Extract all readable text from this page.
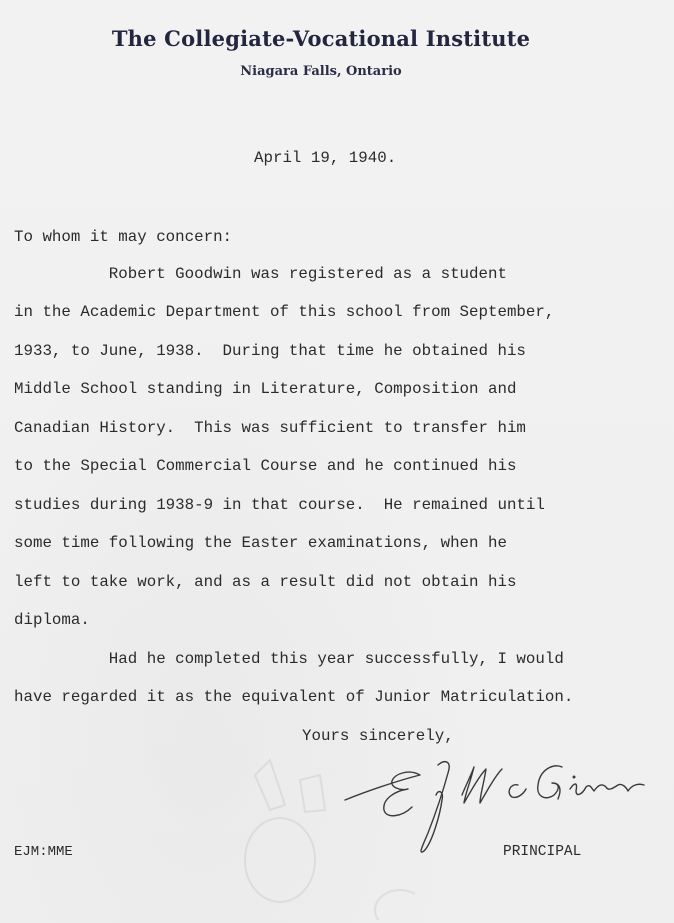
The Collegiate-Vocational Institute
Niagara Falls, Ontario
April 19, 1940.
To whom it may concern:
Robert Goodwin was registered as a student
in the Academic Department of this school from September,
1933, to June, 1938.  During that time he obtained his
Middle School standing in Literature, Composition and
Canadian History.  This was sufficient to transfer him
to the Special Commercial Course and he continued his
studies during 1938-9 in that course.  He remained until
some time following the Easter examinations, when he
left to take work, and as a result did not obtain his
diploma.
Had he completed this year successfully, I would
have regarded it as the equivalent of Junior Matriculation.
Yours sincerely,
PRINCIPAL
EJM:MME
